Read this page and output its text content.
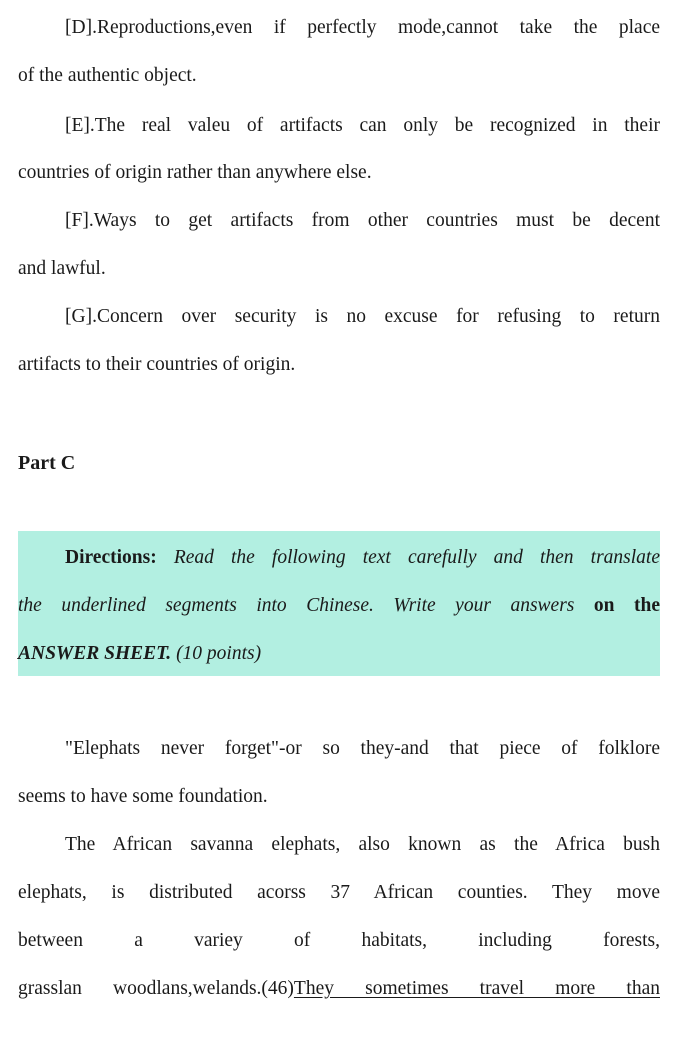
[D].Reproductions,even if perfectly mode,cannot take the place
of the authentic object.
[E].The real valeu of artifacts can only be recognized in their
countries of origin rather than anywhere else.
[F].Ways to get artifacts from other countries must be decent
and lawful.
[G].Concern over security is no excuse for refusing to return
artifacts to their countries of origin.
Part C
Directions: Read the following text carefully and then translate
the underlined segments into Chinese. Write your answers on the
ANSWER SHEET. (10 points)
"Elephats never forget"-or so they-and that piece of folklore
seems to have some foundation.
The African savanna elephats, also known as the Africa bush
elephats, is distributed acorss 37 African counties. They move
between a variey of habitats, including forests,
grasslan woodlans,welands.(46)They sometimes travel more than
